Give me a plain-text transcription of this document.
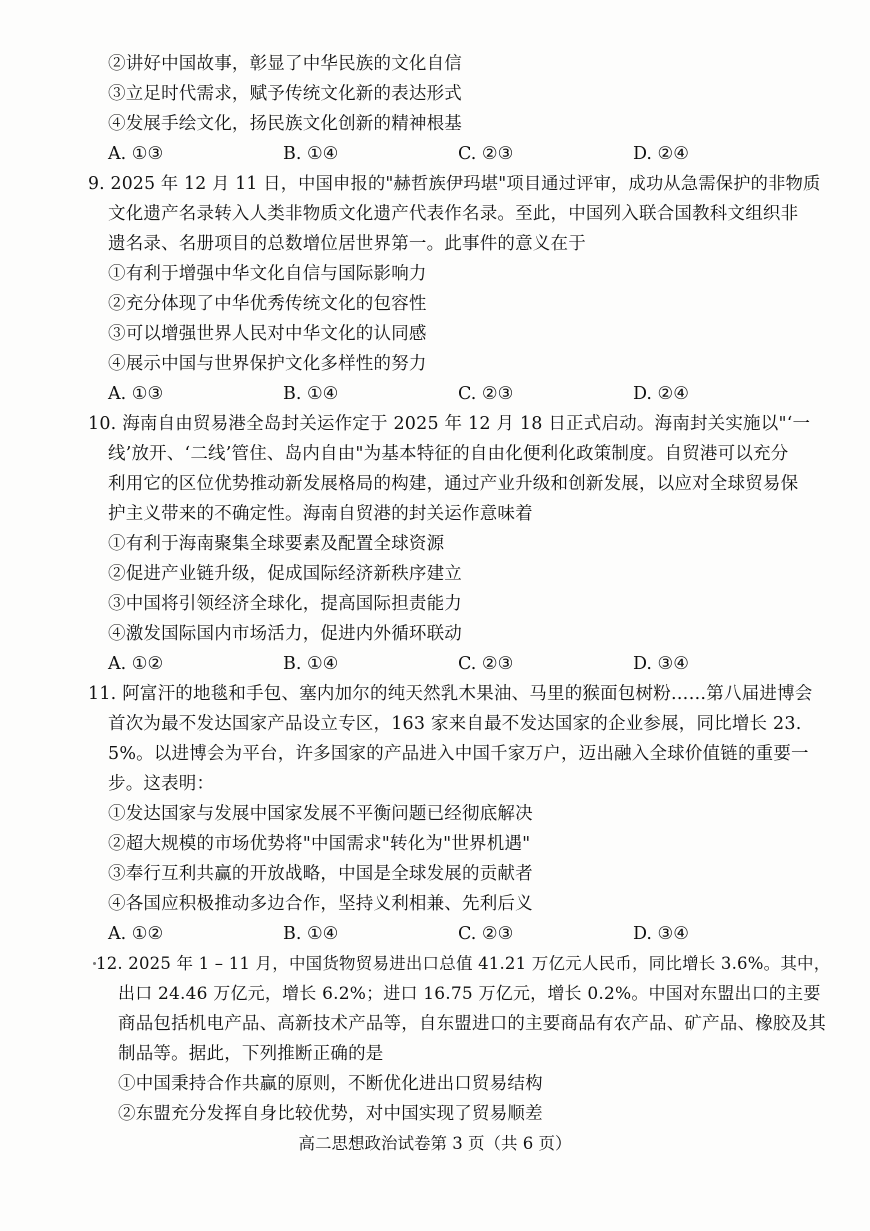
②讲好中国故事，彰显了中华民族的文化自信
③立足时代需求，赋予传统文化新的表达形式
④发展手绘文化，扬民族文化创新的精神根基
A. ①③	B. ①④	C. ②③	D. ②④
9. 2025 年 12 月 11 日，中国申报的"赫哲族伊玛堪"项目通过评审，成功从急需保护的非物质
文化遗产名录转入人类非物质文化遗产代表作名录。至此，中国列入联合国教科文组织非
遗名录、名册项目的总数增位居世界第一。此事件的意义在于
①有利于增强中华文化自信与国际影响力
②充分体现了中华优秀传统文化的包容性
③可以增强世界人民对中华文化的认同感
④展示中国与世界保护文化多样性的努力
A. ①③	B. ①④	C. ②③	D. ②④
10. 海南自由贸易港全岛封关运作定于 2025 年 12 月 18 日正式启动。海南封关实施以"‘一
线’放开、‘二线’管住、岛内自由"为基本特征的自由化便利化政策制度。自贸港可以充分
利用它的区位优势推动新发展格局的构建，通过产业升级和创新发展，以应对全球贸易保
护主义带来的不确定性。海南自贸港的封关运作意味着
①有利于海南聚集全球要素及配置全球资源
②促进产业链升级，促成国际经济新秩序建立
③中国将引领经济全球化，提高国际担责能力
④激发国际国内市场活力，促进内外循环联动
A. ①②	B. ①④	C. ②③	D. ③④
11. 阿富汗的地毯和手包、塞内加尔的纯天然乳木果油、马里的猴面包树粉……第八届进博会
首次为最不发达国家产品设立专区，163 家来自最不发达国家的企业参展，同比增长 23.
5%。以进博会为平台，许多国家的产品进入中国千家万户，迈出融入全球价值链的重要一
步。这表明：
①发达国家与发展中国家发展不平衡问题已经彻底解决
②超大规模的市场优势将"中国需求"转化为"世界机遇"
③奉行互利共赢的开放战略，中国是全球发展的贡献者
④各国应积极推动多边合作，坚持义利相兼、先利后义
A. ①②	B. ①④	C. ②③	D. ③④
12. 2025 年 1 – 11 月，中国货物贸易进出口总值 41.21 万亿元人民币，同比增长 3.6%。其中，
出口 24.46 万亿元，增长 6.2%；进口 16.75 万亿元，增长 0.2%。中国对东盟出口的主要
商品包括机电产品、高新技术产品等，自东盟进口的主要商品有农产品、矿产品、橡胶及其
制品等。据此，下列推断正确的是
①中国秉持合作共赢的原则，不断优化进出口贸易结构
②东盟充分发挥自身比较优势，对中国实现了贸易顺差
高二思想政治试卷第 3 页（共 6 页）
